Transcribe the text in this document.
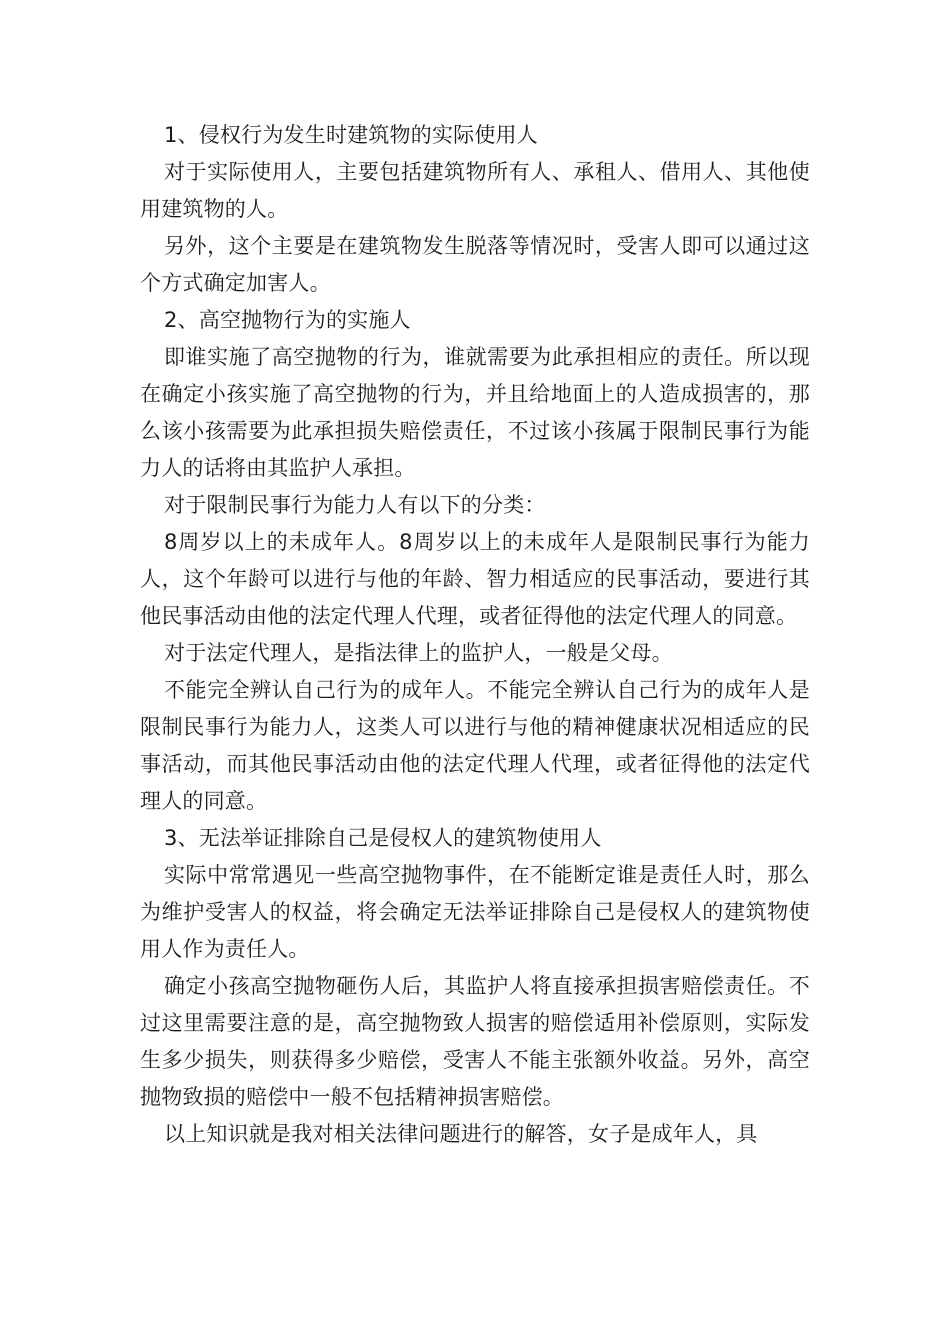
1、侵权行为发生时建筑物的实际使用人

对于实际使用人，主要包括建筑物所有人、承租人、借用人、其他使用建筑物的人。

另外，这个主要是在建筑物发生脱落等情况时，受害人即可以通过这个方式确定加害人。

2、高空抛物行为的实施人

即谁实施了高空抛物的行为，谁就需要为此承担相应的责任。所以现在确定小孩实施了高空抛物的行为，并且给地面上的人造成损害的，那么该小孩需要为此承担损失赔偿责任，不过该小孩属于限制民事行为能力人的话将由其监护人承担。

对于限制民事行为能力人有以下的分类：

8周岁以上的未成年人。8周岁以上的未成年人是限制民事行为能力人，这个年龄可以进行与他的年龄、智力相适应的民事活动，要进行其他民事活动由他的法定代理人代理，或者征得他的法定代理人的同意。

对于法定代理人，是指法律上的监护人，一般是父母。

不能完全辨认自己行为的成年人。不能完全辨认自己行为的成年人是限制民事行为能力人，这类人可以进行与他的精神健康状况相适应的民事活动，而其他民事活动由他的法定代理人代理，或者征得他的法定代理人的同意。

3、无法举证排除自己是侵权人的建筑物使用人

实际中常常遇见一些高空抛物事件，在不能断定谁是责任人时，那么为维护受害人的权益，将会确定无法举证排除自己是侵权人的建筑物使用人作为责任人。

确定小孩高空抛物砸伤人后，其监护人将直接承担损害赔偿责任。不过这里需要注意的是，高空抛物致人损害的赔偿适用补偿原则，实际发生多少损失，则获得多少赔偿，受害人不能主张额外收益。另外，高空抛物致损的赔偿中一般不包括精神损害赔偿。

以上知识就是我对相关法律问题进行的解答，女子是成年人，具
